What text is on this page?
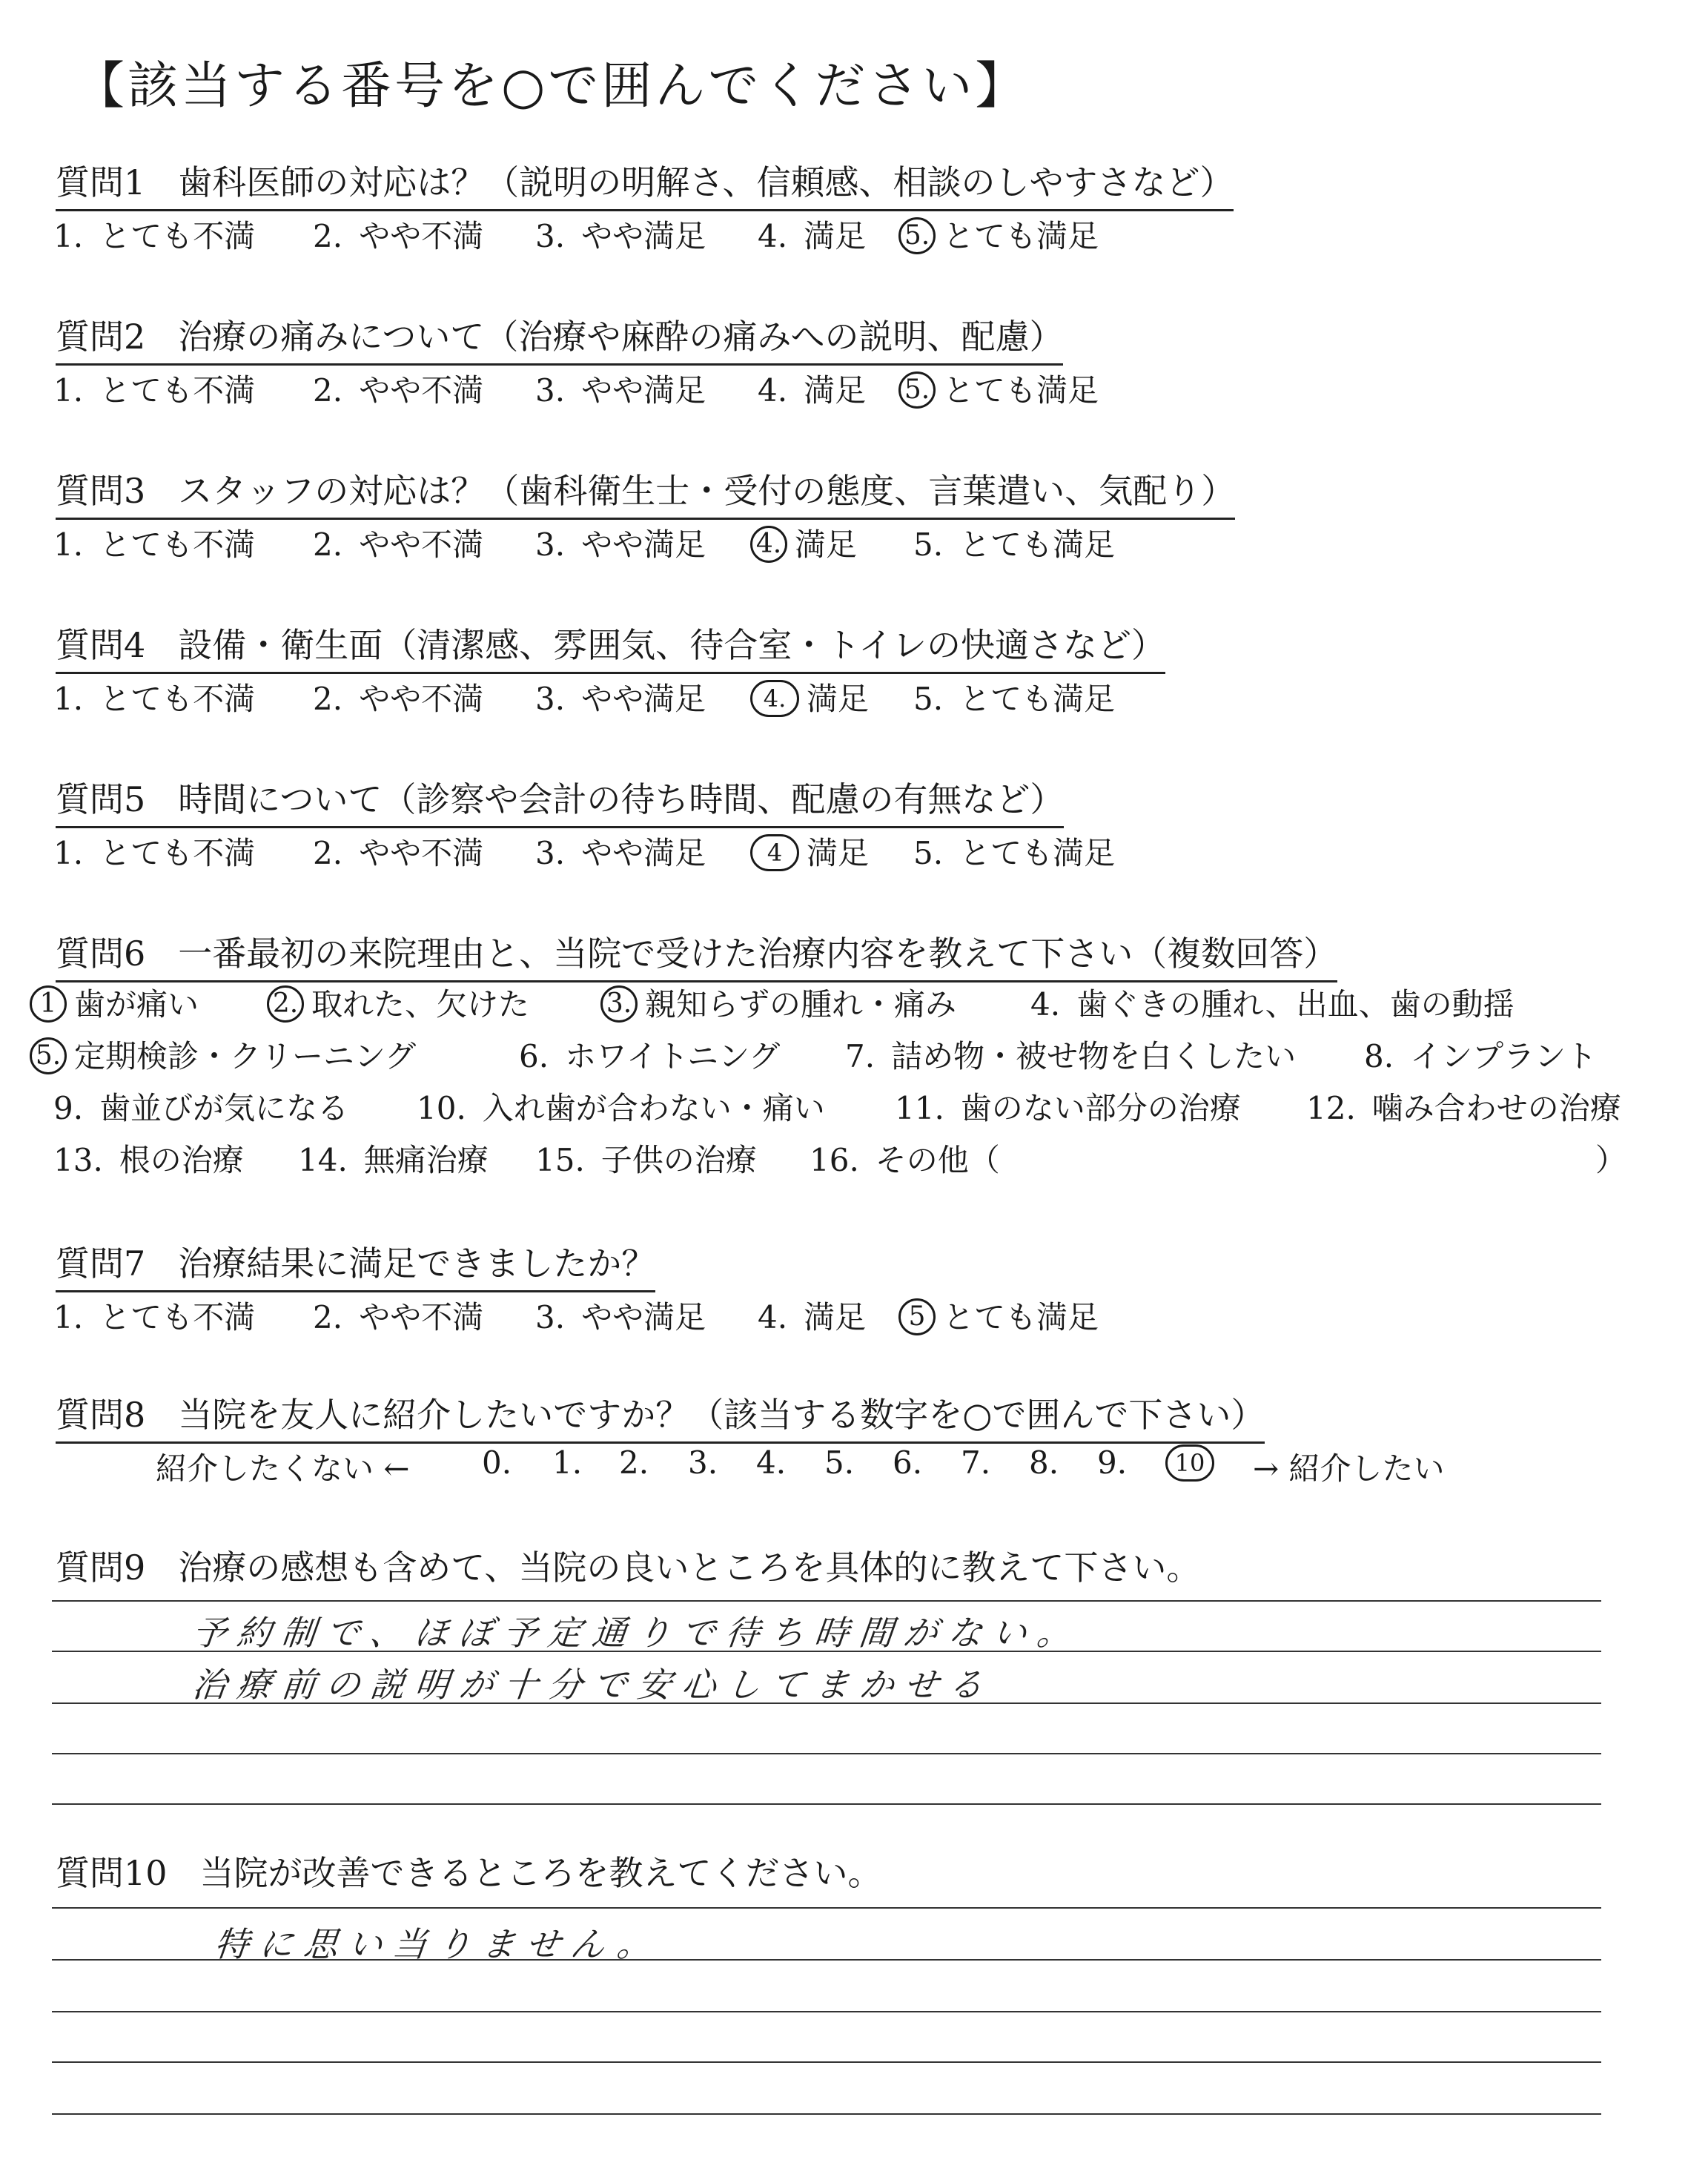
【該当する番号を○で囲んでください】
質問1 歯科医師の対応は？（説明の明解さ、信頼感、相談のしやすさなど）
1. とても不満 2. やや不満 3. やや満足 4. 満足 5. とても満足
質問2 治療の痛みについて（治療や麻酔の痛みへの説明、配慮）
1. とても不満 2. やや不満 3. やや満足 4. 満足 5. とても満足
質問3 スタッフの対応は？（歯科衛生士・受付の態度、言葉遣い、気配り）
1. とても不満 2. やや不満 3. やや満足 4. 満足 5. とても満足
質問4 設備・衛生面（清潔感、雰囲気、待合室・トイレの快適さなど）
1. とても不満 2. やや不満 3. やや満足	4. 満足 5. とても満足
質問5 時間について（診察や会計の待ち時間、配慮の有無など）
1. とても不満 2. やや不満 3. やや満足	4 満足 5. とても満足
質問6 一番最初の来院理由と、当院で受けた治療内容を教えて下さい（複数回答）
1 歯が痛い	2. 取れた、欠けた	3. 親知らずの腫れ・痛み 4. 歯ぐきの腫れ、出血、歯の動揺
5. 定期検診・クリーニング	6. ホワイトニング 7. 詰め物・被せ物を白くしたい 8. インプラント
9. 歯並びが気になる 10. 入れ歯が合わない・痛い 11. 歯のない部分の治療 12. 噛み合わせの治療
13. 根の治療 14. 無痛治療 15. 子供の治療 16. その他（	）
質問7 治療結果に満足できましたか？
1. とても不満 2. やや不満 3. やや満足 4. 満足	5 とても満足
質問8 当院を友人に紹介したいですか？（該当する数字を○で囲んで下さい）
紹介したくない ← 0. 1. 2. 3. 4. 5. 6. 7. 8. 9.	10	→ 紹介したい
質問9 治療の感想も含めて、当院の良いところを具体的に教えて下さい。
予約制で、ほぼ予定通りで待ち時間がない。
治療前の説明が十分で安心してまかせる
質問10 当院が改善できるところを教えてください。
特に思い当りません。
